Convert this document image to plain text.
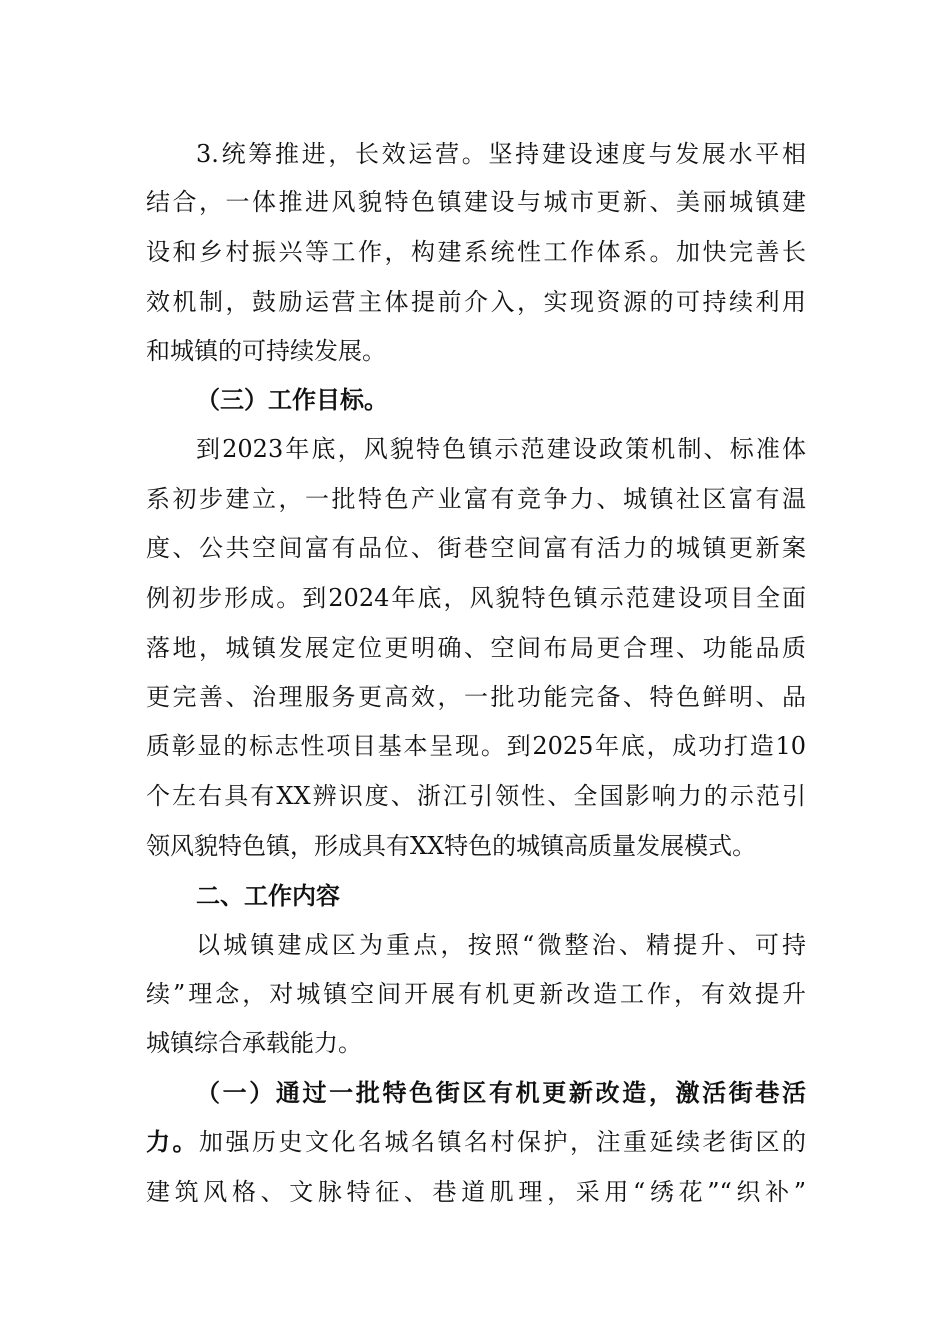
3.统筹推进，长效运营。坚持建设速度与发展水平相
结合，一体推进风貌特色镇建设与城市更新、美丽城镇建
设和乡村振兴等工作，构建系统性工作体系。加快完善长
效机制，鼓励运营主体提前介入，实现资源的可持续利用
和城镇的可持续发展。
（三）工作目标。
到2023年底，风貌特色镇示范建设政策机制、标准体
系初步建立，一批特色产业富有竞争力、城镇社区富有温
度、公共空间富有品位、街巷空间富有活力的城镇更新案
例初步形成。到2024年底，风貌特色镇示范建设项目全面
落地，城镇发展定位更明确、空间布局更合理、功能品质
更完善、治理服务更高效，一批功能完备、特色鲜明、品
质彰显的标志性项目基本呈现。到2025年底，成功打造10
个左右具有XX辨识度、浙江引领性、全国影响力的示范引
领风貌特色镇，形成具有XX特色的城镇高质量发展模式。
二、工作内容
以城镇建成区为重点，按照“微整治、精提升、可持
续”理念，对城镇空间开展有机更新改造工作，有效提升
城镇综合承载能力。
（一）通过一批特色街区有机更新改造，激活街巷活
力。加强历史文化名城名镇名村保护，注重延续老街区的
建筑风格、文脉特征、巷道肌理，采用“绣花”“织补”
